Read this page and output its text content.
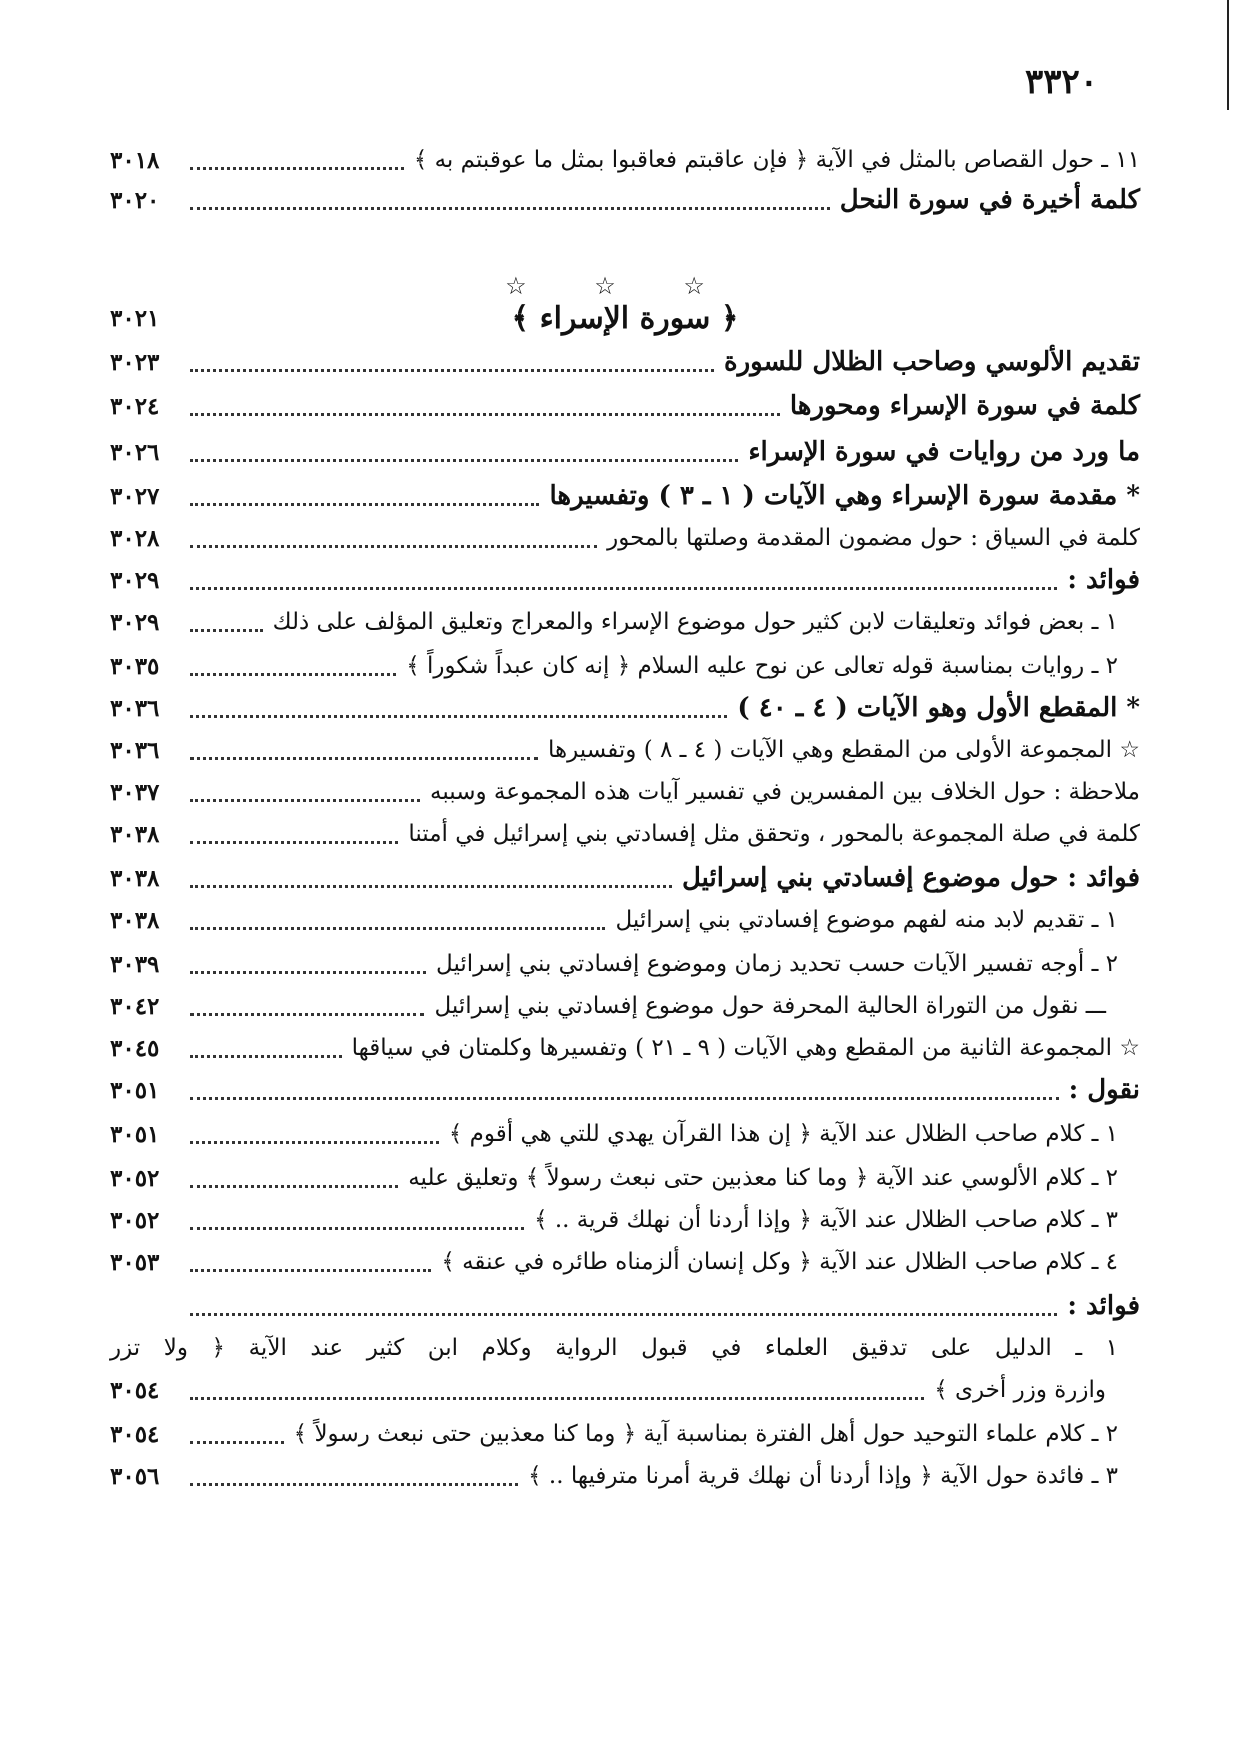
٣٣٢٠
١١ ـ حول القصاص بالمثل في الآية ﴿ فإن عاقبتم فعاقبوا بمثل ما عوقبتم به ﴾
٣٠١٨
كلمة أخيرة في سورة النحل
٣٠٢٠
☆ ☆ ☆
﴿ سورة الإسراء ﴾
٣٠٢١
تقديم الألوسي وصاحب الظلال للسورة
٣٠٢٣
كلمة في سورة الإسراء ومحورها
٣٠٢٤
ما ورد من روايات في سورة الإسراء
٣٠٢٦
* مقدمة سورة الإسراء وهي الآيات ( ١ ـ ٣ ) وتفسيرها
٣٠٢٧
كلمة في السياق : حول مضمون المقدمة وصلتها بالمحور
٣٠٢٨
فوائد :
٣٠٢٩
١ ـ بعض فوائد وتعليقات لابن كثير حول موضوع الإسراء والمعراج وتعليق المؤلف على ذلك
٣٠٢٩
٢ ـ روايات بمناسبة قوله تعالى عن نوح عليه السلام ﴿ إنه كان عبداً شكوراً ﴾
٣٠٣٥
* المقطع الأول وهو الآيات ( ٤ ـ ٤٠ )
٣٠٣٦
☆ المجموعة الأولى من المقطع وهي الآيات ( ٤ ـ ٨ ) وتفسيرها
٣٠٣٦
ملاحظة : حول الخلاف بين المفسرين في تفسير آيات هذه المجموعة وسببه
٣٠٣٧
كلمة في صلة المجموعة بالمحور ، وتحقق مثل إفسادتي بني إسرائيل في أمتنا
٣٠٣٨
فوائد : حول موضوع إفسادتي بني إسرائيل
٣٠٣٨
١ ـ تقديم لابد منه لفهم موضوع إفسادتي بني إسرائيل
٣٠٣٨
٢ ـ أوجه تفسير الآيات حسب تحديد زمان وموضوع إفسادتي بني إسرائيل
٣٠٣٩
ـــ نقول من التوراة الحالية المحرفة حول موضوع إفسادتي بني إسرائيل
٣٠٤٢
☆ المجموعة الثانية من المقطع وهي الآيات ( ٩ ـ ٢١ ) وتفسيرها وكلمتان في سياقها
٣٠٤٥
نقول :
٣٠٥١
١ ـ كلام صاحب الظلال عند الآية ﴿ إن هذا القرآن يهدي للتي هي أقوم ﴾
٣٠٥١
٢ ـ كلام الألوسي عند الآية ﴿ وما كنا معذبين حتى نبعث رسولاً ﴾ وتعليق عليه
٣٠٥٢
٣ ـ كلام صاحب الظلال عند الآية ﴿ وإذا أردنا أن نهلك قرية .. ﴾
٣٠٥٢
٤ ـ كلام صاحب الظلال عند الآية ﴿ وكل إنسان ألزمناه طائره في عنقه ﴾
٣٠٥٣
فوائد :
١ ـ الدليل على تدقيق العلماء في قبول الرواية وكلام ابن كثير عند الآية ﴿ ولا تزر
وازرة وزر أخرى ﴾
٣٠٥٤
٢ ـ كلام علماء التوحيد حول أهل الفترة بمناسبة آية ﴿ وما كنا معذبين حتى نبعث رسولاً ﴾
٣٠٥٤
٣ ـ فائدة حول الآية ﴿ وإذا أردنا أن نهلك قرية أمرنا مترفيها .. ﴾
٣٠٥٦
